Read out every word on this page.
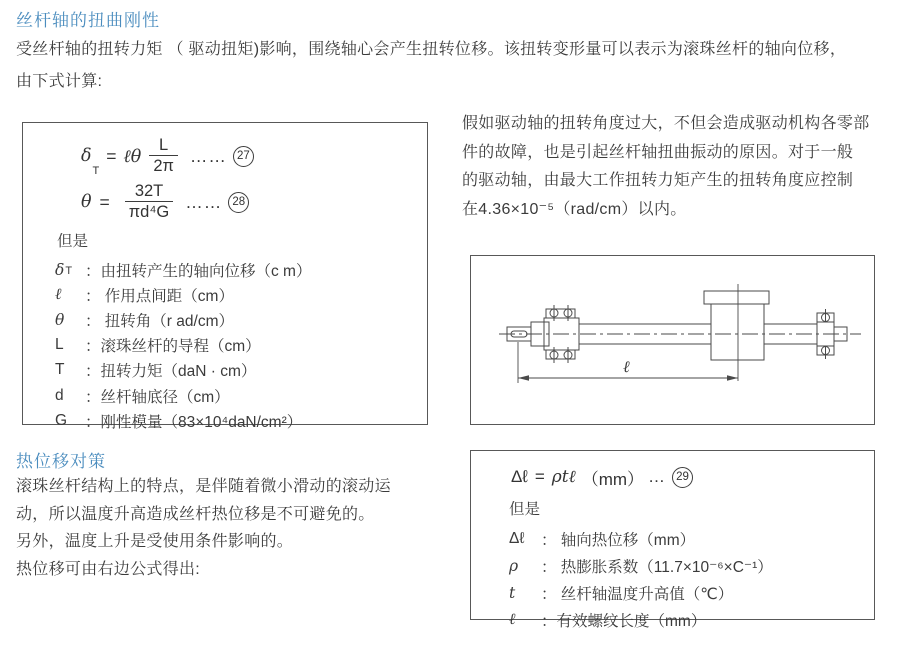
丝杆轴的扭曲刚性
受丝杆轴的扭转力矩 （ 驱动扭矩)影响，围绕轴心会产生扭转位移。该扭转变形量可以表示为滚珠丝杆的轴向位移，
由下式计算:
δ
T
= ℓθ $\frac{L}{2\pi}$ …… 27
$\theta = \frac{32T}{\text{πd⁴G}}$ …… 28
但是
δ T ：由扭转产生的轴向位移（c m）
ℓ ： 作用点间距（cm）
θ ： 扭转角（r ad/cm）
L ：滚珠丝杆的导程（cm）
T ：扭转力矩（daN · cm）
d ：丝杆轴底径（cm）
G ：刚性模量（83×10⁴daN/cm²）
假如驱动轴的扭转角度过大，不但会造成驱动机构各零部
件的故障，也是引起丝杆轴扭曲振动的原因。对于一般
的驱动轴，由最大工作扭转力矩产生的扭转角度应控制
在4.36×10⁻⁵（rad/cm）以内。
ℓ
热位移对策
滚珠丝杆结构上的特点，是伴随着微小滑动的滚动运
动，所以温度升高造成丝杆热位移是不可避免的。
另外，温度上升是受使用条件影响的。
热位移可由右边公式得出:
Δℓ = ρtℓ （mm） … 29
但是
Δℓ ： 轴向热位移（mm）
ρ ： 热膨胀系数（11.7×10⁻⁶×C⁻¹）
t ： 丝杆轴温度升高值（℃）
ℓ ：有效螺纹长度（mm）
